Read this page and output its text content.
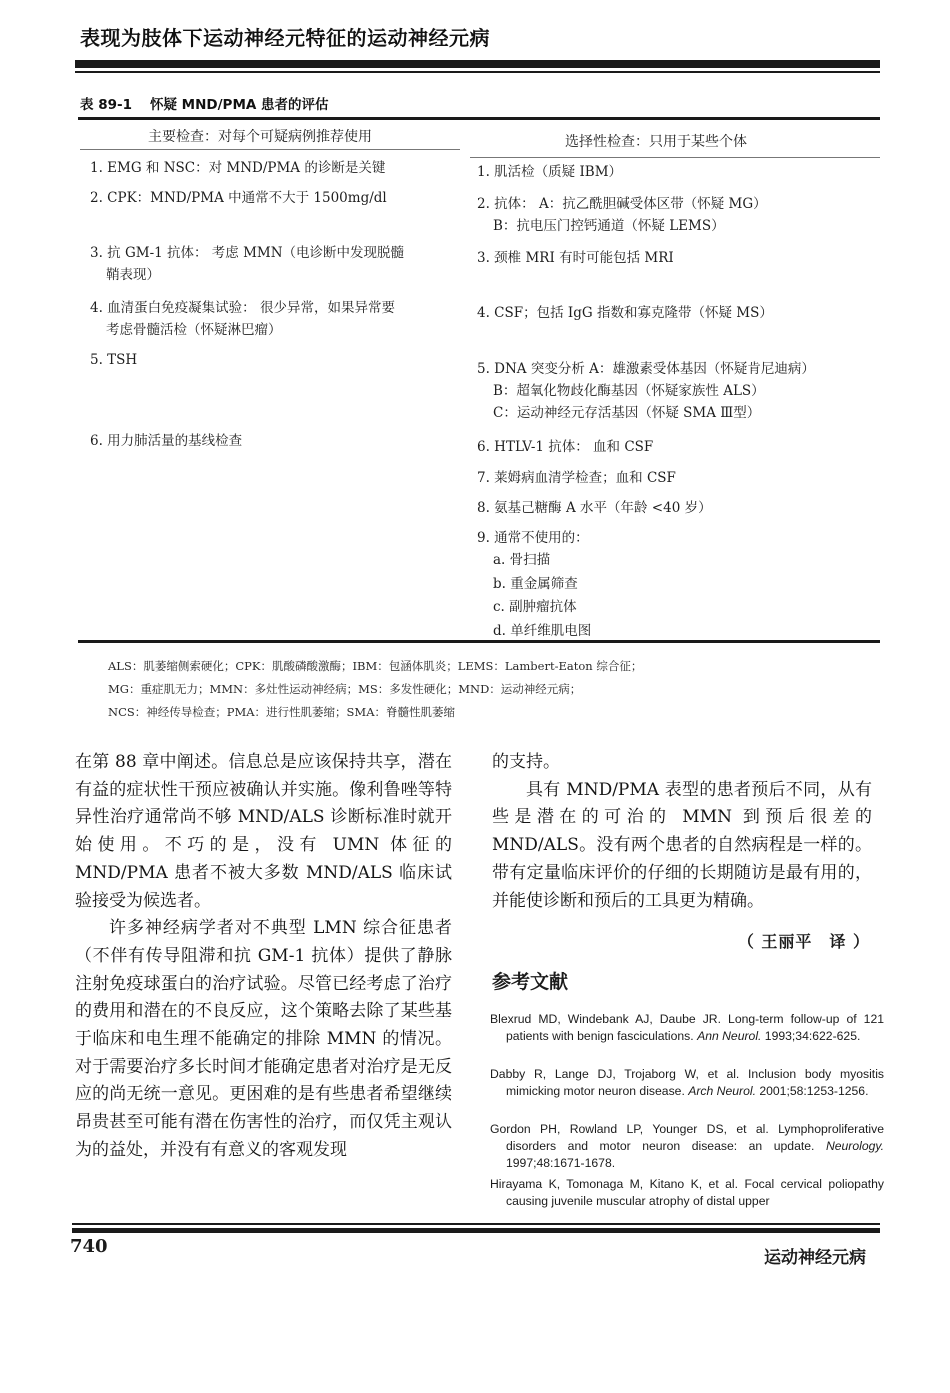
表现为肢体下运动神经元特征的运动神经元病
表 89-1 怀疑 MND/PMA 患者的评估
主要检查：对每个可疑病例推荐使用	选择性检查：只用于某些个体
1. EMG 和 NSC：对 MND/PMA 的诊断是关键
2. CPK：MND/PMA 中通常不大于 1500mg/dl
3. 抗 GM-1 抗体： 考虑 MMN（电诊断中发现脱髓
鞘表现）
4. 血清蛋白免疫凝集试验： 很少异常，如果异常要
考虑骨髓活检（怀疑淋巴瘤）
5. TSH
6. 用力肺活量的基线检查
1. 肌活检（质疑 IBM）
2. 抗体： A：抗乙酰胆碱受体区带（怀疑 MG）
B：抗电压门控钙通道（怀疑 LEMS）
3. 颈椎 MRI 有时可能包括 MRI
4. CSF；包括 IgG 指数和寡克隆带（怀疑 MS）
5. DNA 突变分析 A：雄激素受体基因（怀疑肯尼迪病）
B：超氧化物歧化酶基因（怀疑家族性 ALS）
C：运动神经元存活基因（怀疑 SMA Ⅲ型）
6. HTLV-1 抗体： 血和 CSF
7. 莱姆病血清学检查；血和 CSF
8. 氨基己糖酶 A 水平（年龄 <40 岁）
9. 通常不使用的：
a. 骨扫描
b. 重金属筛查
c. 副肿瘤抗体
d. 单纤维肌电图
ALS：肌萎缩侧索硬化；CPK：肌酸磷酸激酶；IBM：包涵体肌炎；LEMS：Lambert-Eaton 综合征；
MG：重症肌无力；MMN：多灶性运动神经病；MS：多发性硬化；MND：运动神经元病；
NCS：神经传导检查；PMA：进行性肌萎缩；SMA：脊髓性肌萎缩

在第 88 章中阐述。信息总是应该保持共享，潜在有益的症状性干预应被确认并实施。像利鲁唑等特异性治疗通常尚不够 MND/ALS 诊断标准时就开始使用。不巧的是，没有 UMN 体征的 MND/PMA 患者不被大多数 MND/ALS 临床试验接受为候选者。

许多神经病学者对不典型 LMN 综合征患者（不伴有传导阻滞和抗 GM-1 抗体）提供了静脉注射免疫球蛋白的治疗试验。尽管已经考虑了治疗的费用和潜在的不良反应，这个策略去除了某些基于临床和电生理不能确定的排除 MMN 的情况。对于需要治疗多长时间才能确定患者对治疗是无反应的尚无统一意见。更困难的是有些患者希望继续昂贵甚至可能有潜在伤害性的治疗，而仅凭主观认为的益处，并没有有意义的客观发现

的支持。

具有 MND/PMA 表型的患者预后不同，从有些是潜在的可治的 MMN 到预后很差的 MND/ALS。没有两个患者的自然病程是一样的。带有定量临床评价的仔细的长期随访是最有用的，并能使诊断和预后的工具更为精确。

（ 王丽平　译 ）
参考文献
Blexrud MD, Windebank AJ, Daube JR. Long-term follow-up of 121 patients with benign fasciculations. Ann Neurol. 1993;34:622-625.
Dabby R, Lange DJ, Trojaborg W, et al. Inclusion body myositis mimicking motor neuron disease. Arch Neurol. 2001;58:1253-1256.
Gordon PH, Rowland LP, Younger DS, et al. Lymphoproliferative disorders and motor neuron disease: an update. Neurology. 1997;48:1671-1678.
Hirayama K, Tomonaga M, Kitano K, et al. Focal cervical poliopathy causing juvenile muscular atrophy of distal upper
740
运动神经元病
